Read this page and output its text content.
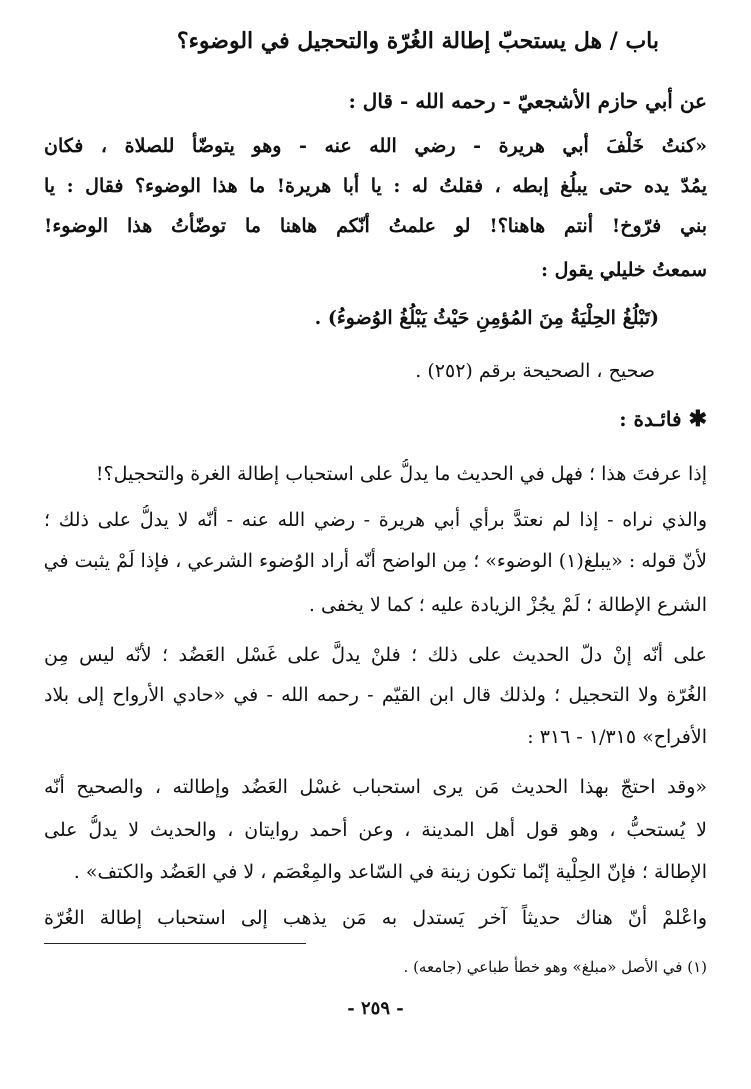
باب / هل يستحبّ إطالة الغُرّة والتحجيل في الوضوء؟
عن أبي حازم الأشجعيّ - رحمه الله - قال :
«كنتُ خَلْفَ أبي هريرة - رضي الله عنه - وهو يتوضّأ للصلاة ، فكان
يمُدّ يده حتى يبلُغ إبطه ، فقلتُ له : يا أبا هريرة! ما هذا الوضوء؟ فقال : يا
بني فرّوخ! أنتم هاهنا؟! لو علمتُ أنّكم هاهنا ما توضّأتُ هذا الوضوء!
سمعتُ خليلي يقول :
(تَبْلُغُ الحِلْيَةُ مِنَ المُؤمِنِ حَيْثُ يَبْلُغُ الوُضوءُ) .
صحيح ، الصحيحة برقم (٢٥٢) .
✱ فائـدة :
إذا عرفتَ هذا ؛ فهل في الحديث ما يدلُّ على استحباب إطالة الغرة والتحجيل؟!
والذي نراه - إذا لم نعتدَّ برأي أبي هريرة - رضي الله عنه - أنّه لا يدلُّ على ذلك ؛
لأنّ قوله : «يبلغ(١) الوضوء» ؛ مِن الواضح أنّه أراد الوُضوء الشرعي ، فإذا لَمْ يثبت في
الشرع الإطالة ؛ لَمْ يجُزْ الزيادة عليه ؛ كما لا يخفى .
على أنّه إنْ دلّ الحديث على ذلك ؛ فلنْ يدلَّ على غَسْل العَضُد ؛ لأنّه ليس مِن
الغُرّة ولا التحجيل ؛ ولذلك قال ابن القيّم - رحمه الله - في «حادي الأرواح إلى بلاد
الأفراح» ١/٣١٥ - ٣١٦ :
«وقد احتجّ بهذا الحديث مَن يرى استحباب غسْل العَضُد وإطالته ، والصحيح أنّه
لا يُستحبُّ ، وهو قول أهل المدينة ، وعن أحمد روايتان ، والحديث لا يدلُّ على
الإطالة ؛ فإنّ الحِلْية إنّما تكون زينة في السّاعد والمِعْصَم ، لا في العَضُد والكتف» .
واعْلمْ أنّ هناك حديثاً آخر يَستدل به مَن يذهب إلى استحباب إطالة الغُرّة
(١) في الأصل «مبلغ» وهو خطأ طباعي (جامعه) .
- ٢٥٩ -
